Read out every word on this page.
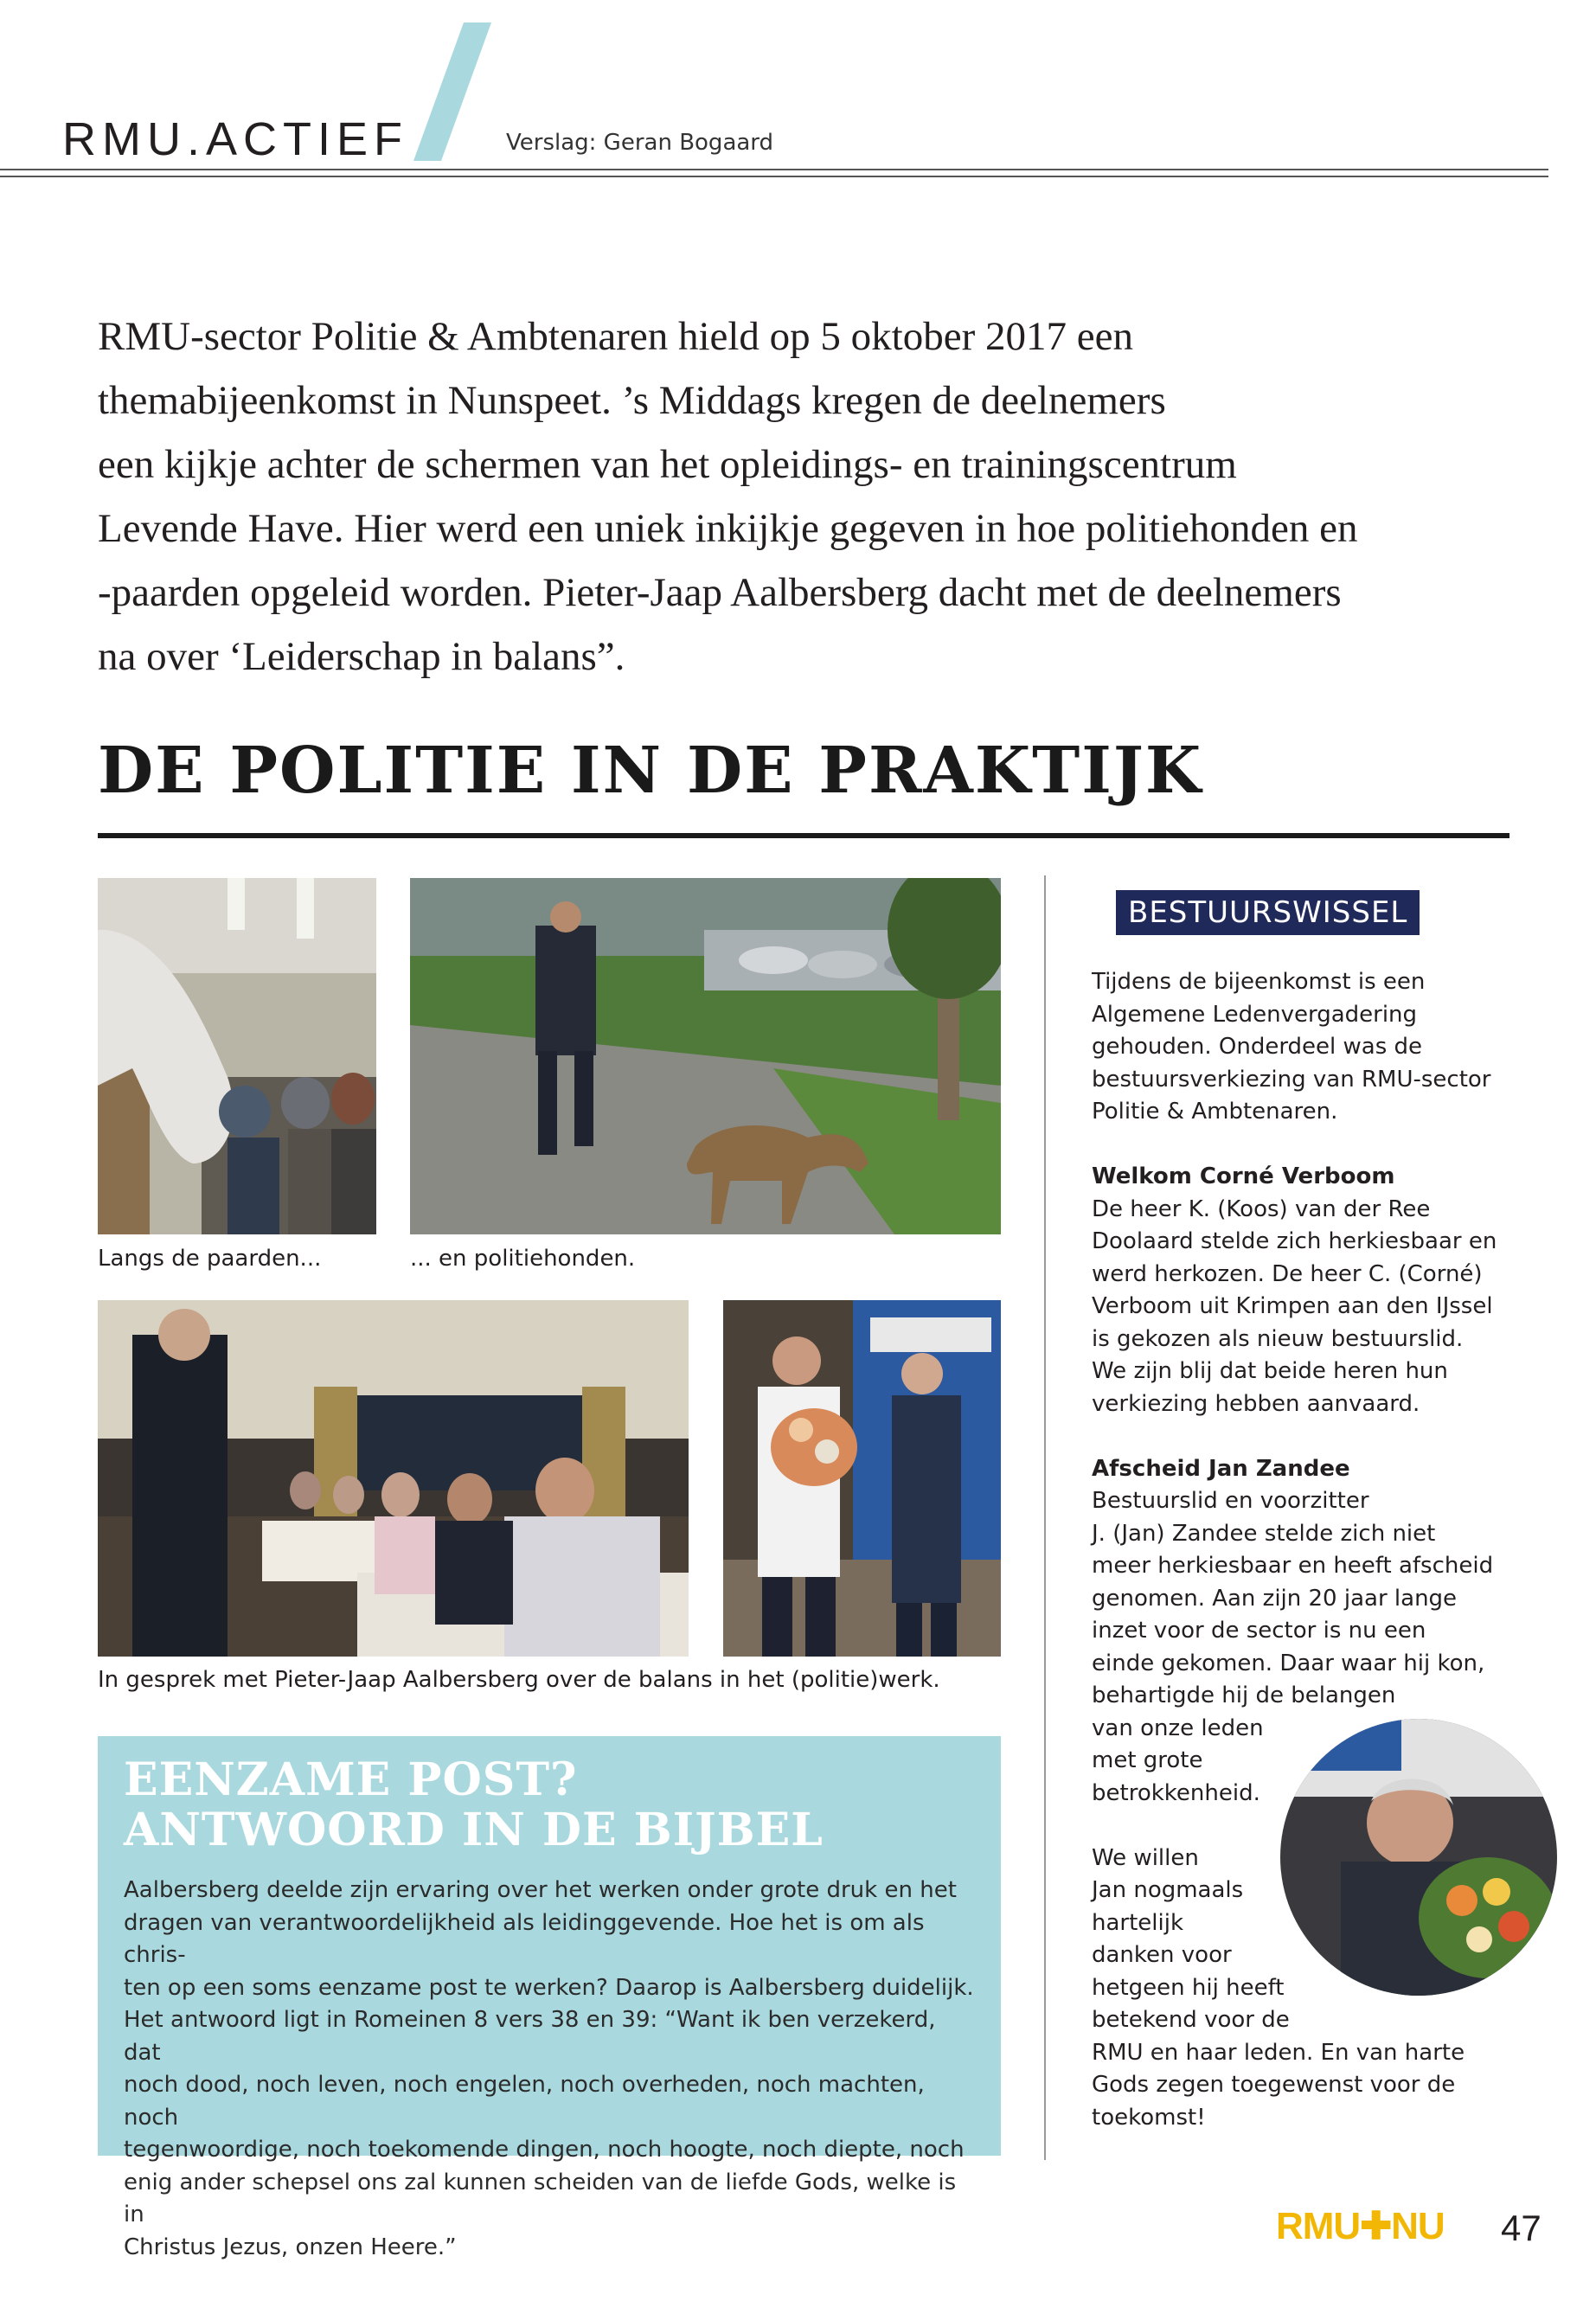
RMU.ACTIEF	Verslag: Geran Bogaard
RMU-sector Politie & Ambtenaren hield op 5 oktober 2017 een
themabijeenkomst in Nunspeet. ’s Middags kregen de deelnemers
een kijkje achter de schermen van het opleidings- en trainingscentrum
Levende Have. Hier werd een uniek inkijkje gegeven in hoe politiehonden en
-paarden opgeleid worden. Pieter-Jaap Aalbersberg dacht met de deelnemers
na over ‘Leiderschap in balans”.
DE POLITIE IN DE PRAKTIJK
Langs de paarden...	... en politiehonden.
In gesprek met Pieter-Jaap Aalbersberg over de balans in het (politie)werk.
EENZAME POST?
ANTWOORD IN DE BIJBEL
Aalbersberg deelde zijn ervaring over het werken onder grote druk en het
dragen van verantwoordelijkheid als leidinggevende. Hoe het is om als chris-
ten op een soms eenzame post te werken? Daarop is Aalbersberg duidelijk.
Het antwoord ligt in Romeinen 8 vers 38 en 39: “Want ik ben verzekerd, dat
noch dood, noch leven, noch engelen, noch overheden, noch machten, noch
tegenwoordige, noch toekomende dingen, noch hoogte, noch diepte, noch
enig ander schepsel ons zal kunnen scheiden van de liefde Gods, welke is in
Christus Jezus, onzen Heere.”
BESTUURSWISSEL

Tijdens de bijeenkomst is een

Algemene Ledenvergadering

gehouden. Onderdeel was de

bestuursverkiezing van RMU-sector

Politie & Ambtenaren.

Welkom Corné Verboom

De heer K. (Koos) van der Ree

Doolaard stelde zich herkiesbaar en

werd herkozen. De heer C. (Corné)

Verboom uit Krimpen aan den IJssel

is gekozen als nieuw bestuurslid.

We zijn blij dat beide heren hun

verkiezing hebben aanvaard.

Afscheid Jan Zandee

Bestuurslid en voorzitter

J. (Jan) Zandee stelde zich niet

meer herkiesbaar en heeft afscheid

genomen. Aan zijn 20 jaar lange

inzet voor de sector is nu een

einde gekomen. Daar waar hij kon,

behartigde hij de belangen

van onze leden

met grote

betrokkenheid.

We willen

Jan nogmaals

hartelijk

danken voor

hetgeen hij heeft

betekend voor de

RMU en haar leden. En van harte

Gods zegen toegewenst voor de

toekomst!

RMU✚NU 47
